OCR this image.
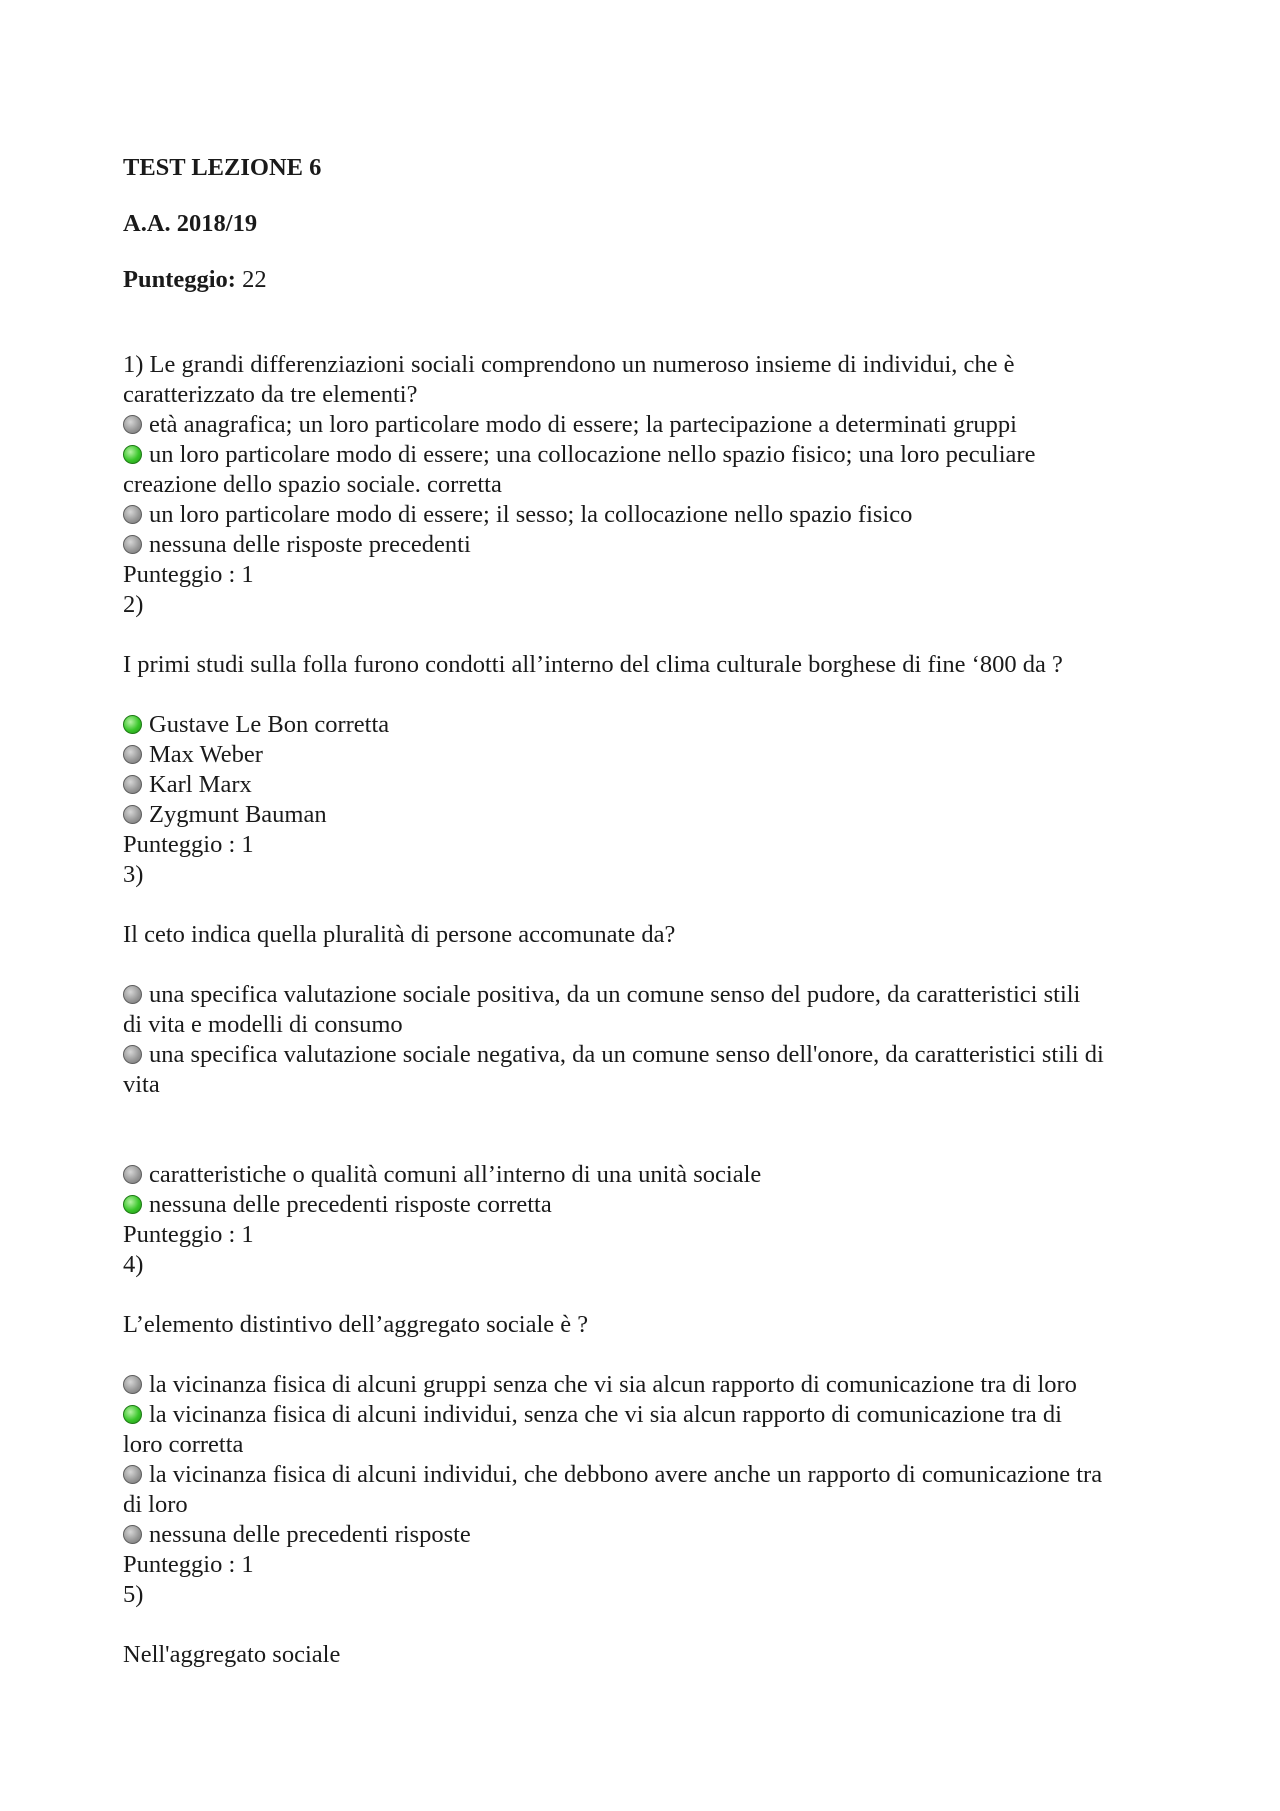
TEST LEZIONE 6

A.A. 2018/19

Punteggio: 22

1) Le grandi differenziazioni sociali comprendono un numeroso insieme di individui, che è

caratterizzato da tre elementi?

età anagrafica; un loro particolare modo di essere; la partecipazione a determinati gruppi

un loro particolare modo di essere; una collocazione nello spazio fisico; una loro peculiare

creazione dello spazio sociale. corretta

un loro particolare modo di essere; il sesso; la collocazione nello spazio fisico

nessuna delle risposte precedenti

Punteggio : 1

2)

I primi studi sulla folla furono condotti all’interno del clima culturale borghese di fine ‘800 da ?

Gustave Le Bon corretta

Max Weber

Karl Marx

Zygmunt Bauman

Punteggio : 1

3)

Il ceto indica quella pluralità di persone accomunate da?

una specifica valutazione sociale positiva, da un comune senso del pudore, da caratteristici stili

di vita e modelli di consumo

una specifica valutazione sociale negativa, da un comune senso dell'onore, da caratteristici stili di

vita

caratteristiche o qualità comuni all’interno di una unità sociale

nessuna delle precedenti risposte corretta

Punteggio : 1

4)

L’elemento distintivo dell’aggregato sociale è ?

la vicinanza fisica di alcuni gruppi senza che vi sia alcun rapporto di comunicazione tra di loro

la vicinanza fisica di alcuni individui, senza che vi sia alcun rapporto di comunicazione tra di

loro corretta

la vicinanza fisica di alcuni individui, che debbono avere anche un rapporto di comunicazione tra

di loro

nessuna delle precedenti risposte

Punteggio : 1

5)

Nell'aggregato sociale
